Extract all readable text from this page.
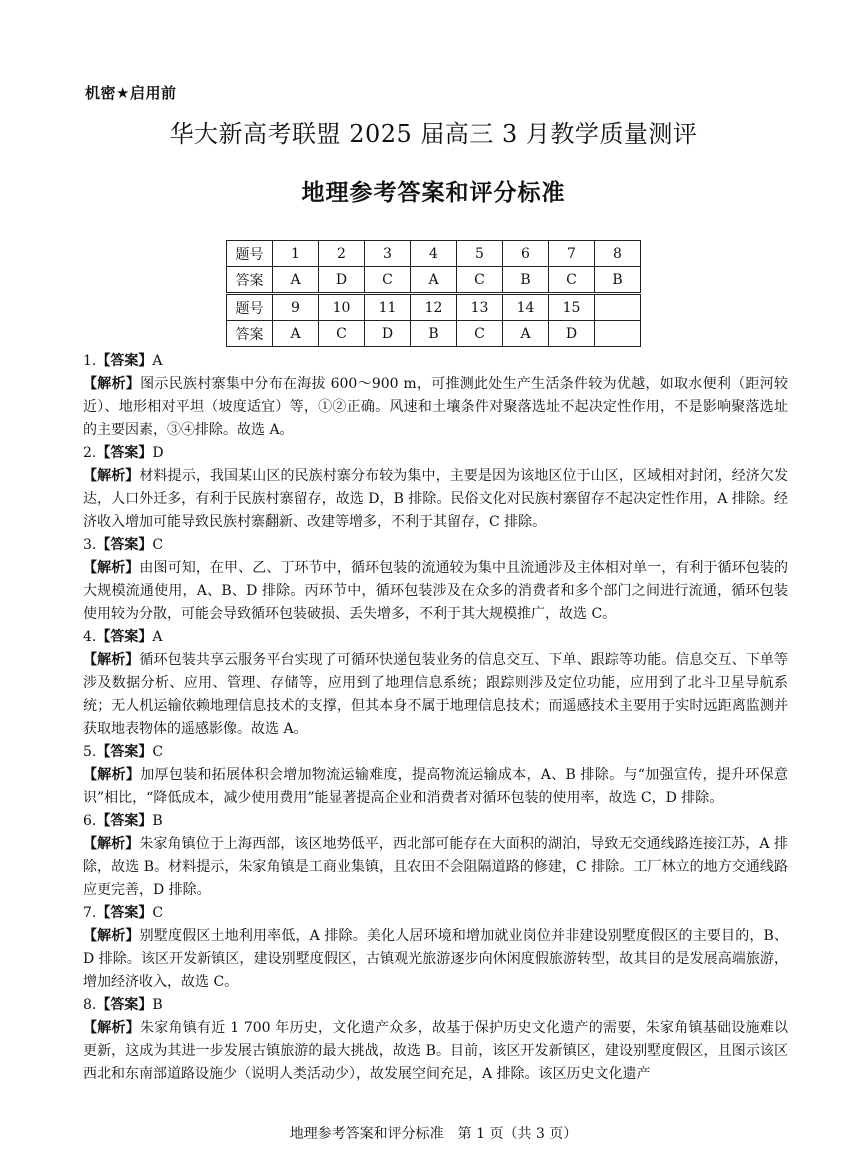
机密★启用前
华大新高考联盟 2025 届高三 3 月教学质量测评
地理参考答案和评分标准
题号	1	2	3	4	5	6	7	8
答案	A	D	C	A	C	B	C	B
题号	9	10	11	12	13	14	15	
答案	A	C	D	B	C	A	D	

1.【答案】A

【解析】图示民族村寨集中分布在海拔 600～900 m，可推测此处生产生活条件较为优越，如取水便利（距河较近）、地形相对平坦（坡度适宜）等，①②正确。风速和土壤条件对聚落选址不起决定性作用，不是影响聚落选址的主要因素，③④排除。故选 A。

2.【答案】D

【解析】材料提示，我国某山区的民族村寨分布较为集中，主要是因为该地区位于山区，区域相对封闭，经济欠发达，人口外迁多，有利于民族村寨留存，故选 D，B 排除。民俗文化对民族村寨留存不起决定性作用，A 排除。经济收入增加可能导致民族村寨翻新、改建等增多，不利于其留存，C 排除。

3.【答案】C

【解析】由图可知，在甲、乙、丁环节中，循环包装的流通较为集中且流通涉及主体相对单一，有利于循环包装的大规模流通使用，A、B、D 排除。丙环节中，循环包装涉及在众多的消费者和多个部门之间进行流通，循环包装使用较为分散，可能会导致循环包装破损、丢失增多，不利于其大规模推广，故选 C。

4.【答案】A

【解析】循环包装共享云服务平台实现了可循环快递包装业务的信息交互、下单、跟踪等功能。信息交互、下单等涉及数据分析、应用、管理、存储等，应用到了地理信息系统；跟踪则涉及定位功能，应用到了北斗卫星导航系统；无人机运输依赖地理信息技术的支撑，但其本身不属于地理信息技术；而遥感技术主要用于实时远距离监测并获取地表物体的遥感影像。故选 A。

5.【答案】C

【解析】加厚包装和拓展体积会增加物流运输难度，提高物流运输成本，A、B 排除。与“加强宣传，提升环保意识”相比，“降低成本，减少使用费用”能显著提高企业和消费者对循环包装的使用率，故选 C，D 排除。

6.【答案】B

【解析】朱家角镇位于上海西部，该区地势低平，西北部可能存在大面积的湖泊，导致无交通线路连接江苏，A 排除，故选 B。材料提示，朱家角镇是工商业集镇，且农田不会阻隔道路的修建，C 排除。工厂林立的地方交通线路应更完善，D 排除。

7.【答案】C

【解析】别墅度假区土地利用率低，A 排除。美化人居环境和增加就业岗位并非建设别墅度假区的主要目的，B、D 排除。该区开发新镇区，建设别墅度假区，古镇观光旅游逐步向休闲度假旅游转型，故其目的是发展高端旅游，增加经济收入，故选 C。

8.【答案】B

【解析】朱家角镇有近 1 700 年历史，文化遗产众多，故基于保护历史文化遗产的需要，朱家角镇基础设施难以更新，这成为其进一步发展古镇旅游的最大挑战，故选 B。目前，该区开发新镇区，建设别墅度假区，且图示该区西北和东南部道路设施少（说明人类活动少），故发展空间充足，A 排除。该区历史文化遗产

地理参考答案和评分标准　第 1 页（共 3 页）
